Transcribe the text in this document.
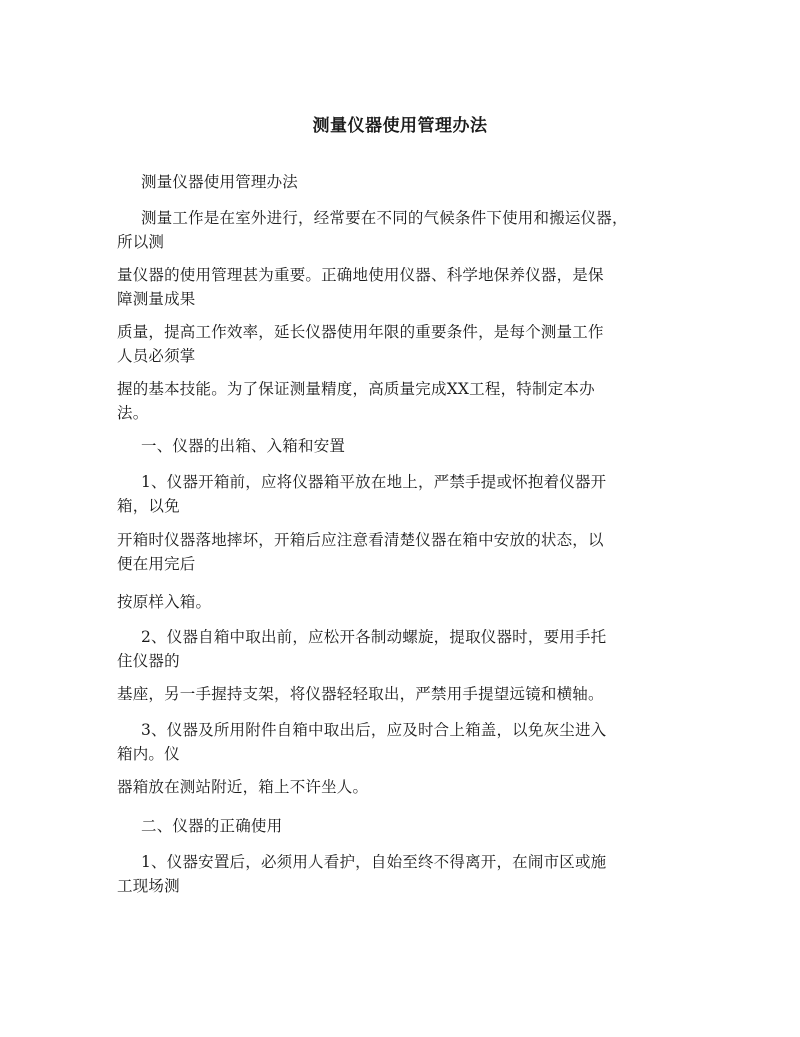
测量仪器使用管理办法

测量仪器使用管理办法

测量工作是在室外进行，经常要在不同的气候条件下使用和搬运仪器，
所以测

量仪器的使用管理甚为重要。正确地使用仪器、科学地保养仪器，是保
障测量成果

质量，提高工作效率，延长仪器使用年限的重要条件，是每个测量工作
人员必须掌

握的基本技能。为了保证测量精度，高质量完成XX工程，特制定本办
法。

一、仪器的出箱、入箱和安置

1、仪器开箱前，应将仪器箱平放在地上，严禁手提或怀抱着仪器开
箱，以免

开箱时仪器落地摔坏，开箱后应注意看清楚仪器在箱中安放的状态，以
便在用完后

按原样入箱。

2、仪器自箱中取出前，应松开各制动螺旋，提取仪器时，要用手托
住仪器的

基座，另一手握持支架，将仪器轻轻取出，严禁用手提望远镜和横轴。

3、仪器及所用附件自箱中取出后，应及时合上箱盖，以免灰尘进入
箱内。仪

器箱放在测站附近，箱上不许坐人。

二、仪器的正确使用

1、仪器安置后，必须用人看护，自始至终不得离开，在闹市区或施
工现场测
